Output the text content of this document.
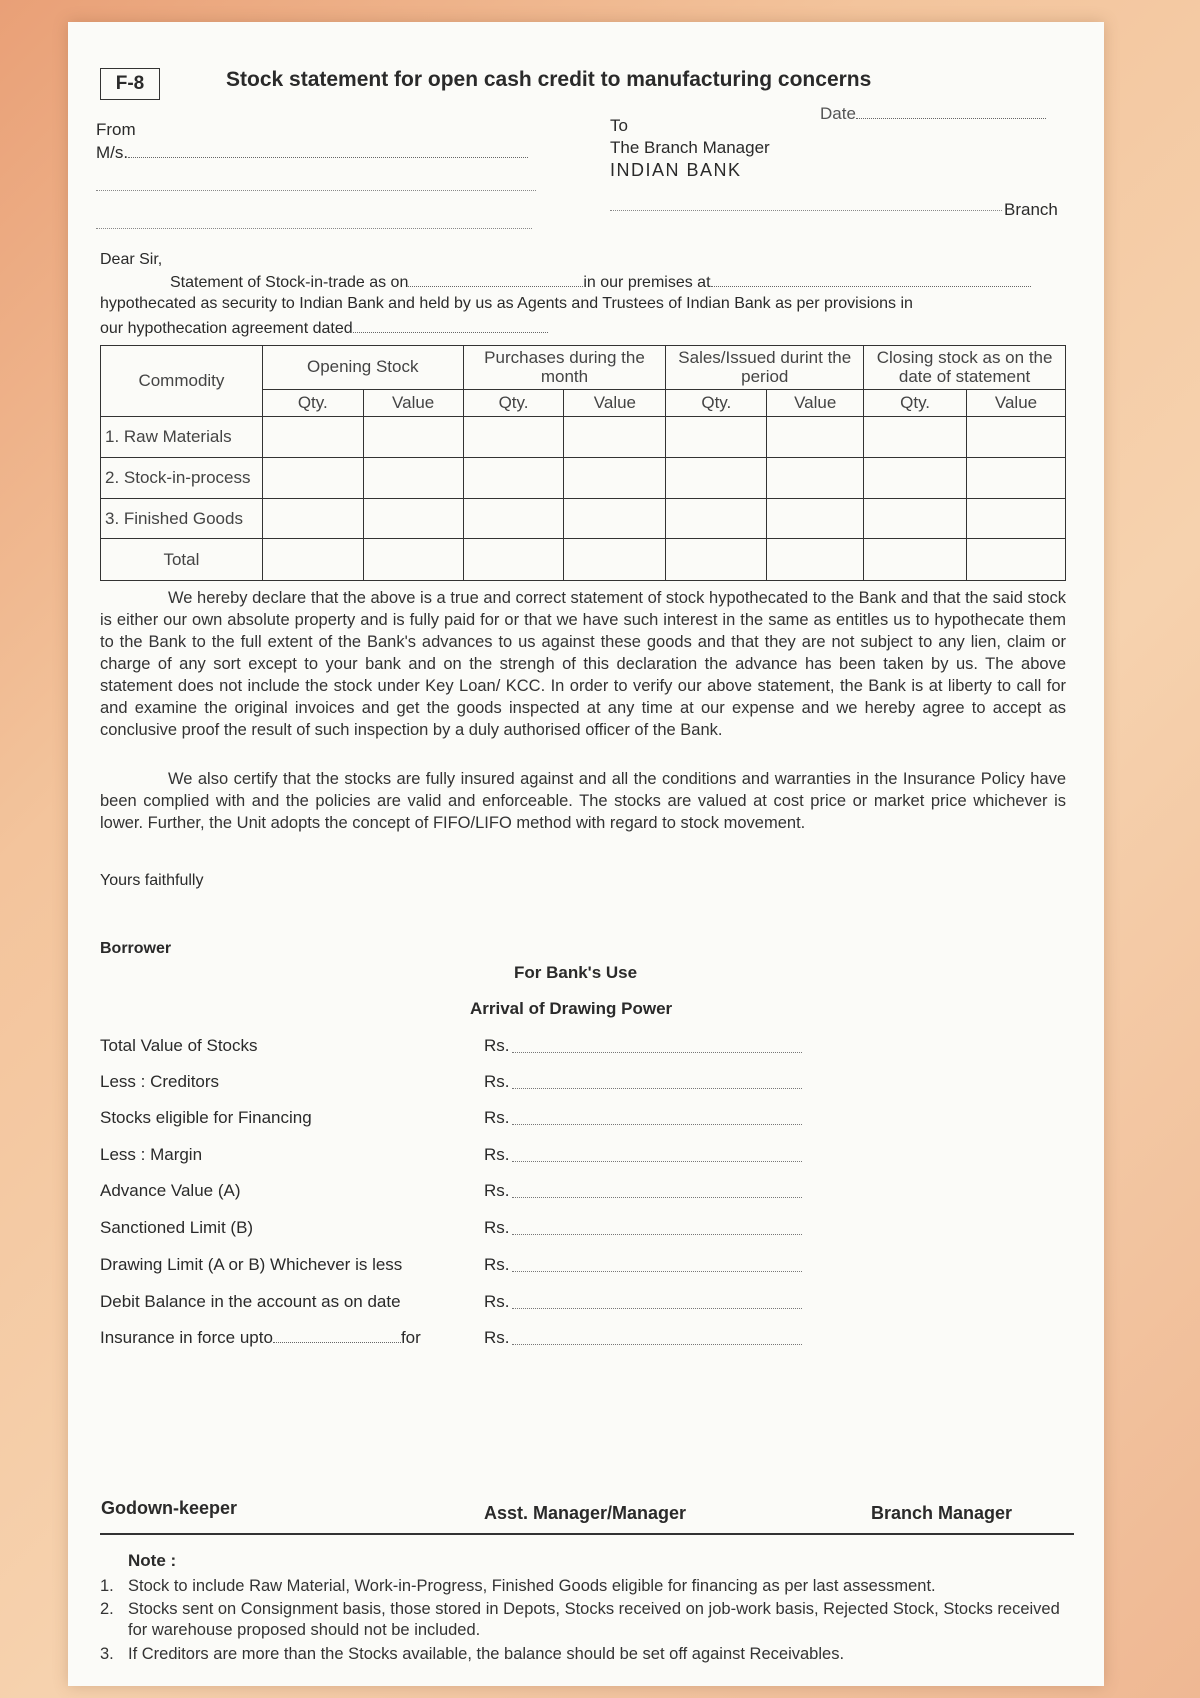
F-8	Stock statement for open cash credit to manufacturing concerns
Date
From
M/s.
To
The Branch Manager
INDIAN BANK
Branch
Dear Sir,
Statement of Stock-in-trade as on	in our premises at
hypothecated as security to Indian Bank and held by us as Agents and Trustees of Indian Bank as per provisions in
our hypothecation agreement dated
Commodity	Opening Stock		Purchases during the month		Sales/Issued durint the period		Closing stock as on the date of statement	
	Qty.	Value	Qty.	Value	Qty.	Value	Qty.	Value
1. Raw Materials								
2. Stock-in-process								
3. Finished Goods								
Total								
We hereby declare that the above is a true and correct statement of stock hypothecated to the Bank and that the said stock is either our own absolute property and is fully paid for or that we have such interest in the same as entitles us to hypothecate them to the Bank to the full extent of the Bank's advances to us against these goods and that they are not subject to any lien, claim or charge of any sort except to your bank and on the strengh of this declaration the advance has been taken by us. The above statement does not include the stock under Key Loan/ KCC. In order to verify our above statement, the Bank is at liberty to call for and examine the original invoices and get the goods inspected at any time at our expense and we hereby agree to accept as conclusive proof the result of such inspection by a duly authorised officer of the Bank.
We also certify that the stocks are fully insured against and all the conditions and warranties in the Insurance Policy have been complied with and the policies are valid and enforceable. The stocks are valued at cost price or market price whichever is lower. Further, the Unit adopts the concept of FIFO/LIFO method with regard to stock movement.
Yours faithfully
Borrower
For Bank's Use
Arrival of Drawing Power
Total Value of Stocks	Rs.
Less : Creditors	Rs.
Stocks eligible for Financing	Rs.
Less : Margin	Rs.
Advance Value (A)	Rs.
Sanctioned Limit (B)	Rs.
Drawing Limit (A or B) Whichever is less	Rs.
Debit Balance in the account as on date	Rs.
Insurance in force upto	for	Rs.
Godown-keeper	Asst. Manager/Manager	Branch Manager
Note :
1. Stock to include Raw Material, Work-in-Progress, Finished Goods eligible for financing as per last assessment.
2. Stocks sent on Consignment basis, those stored in Depots, Stocks received on job-work basis, Rejected Stock, Stocks received for warehouse proposed should not be included.
3. If Creditors are more than the Stocks available, the balance should be set off against Receivables.
